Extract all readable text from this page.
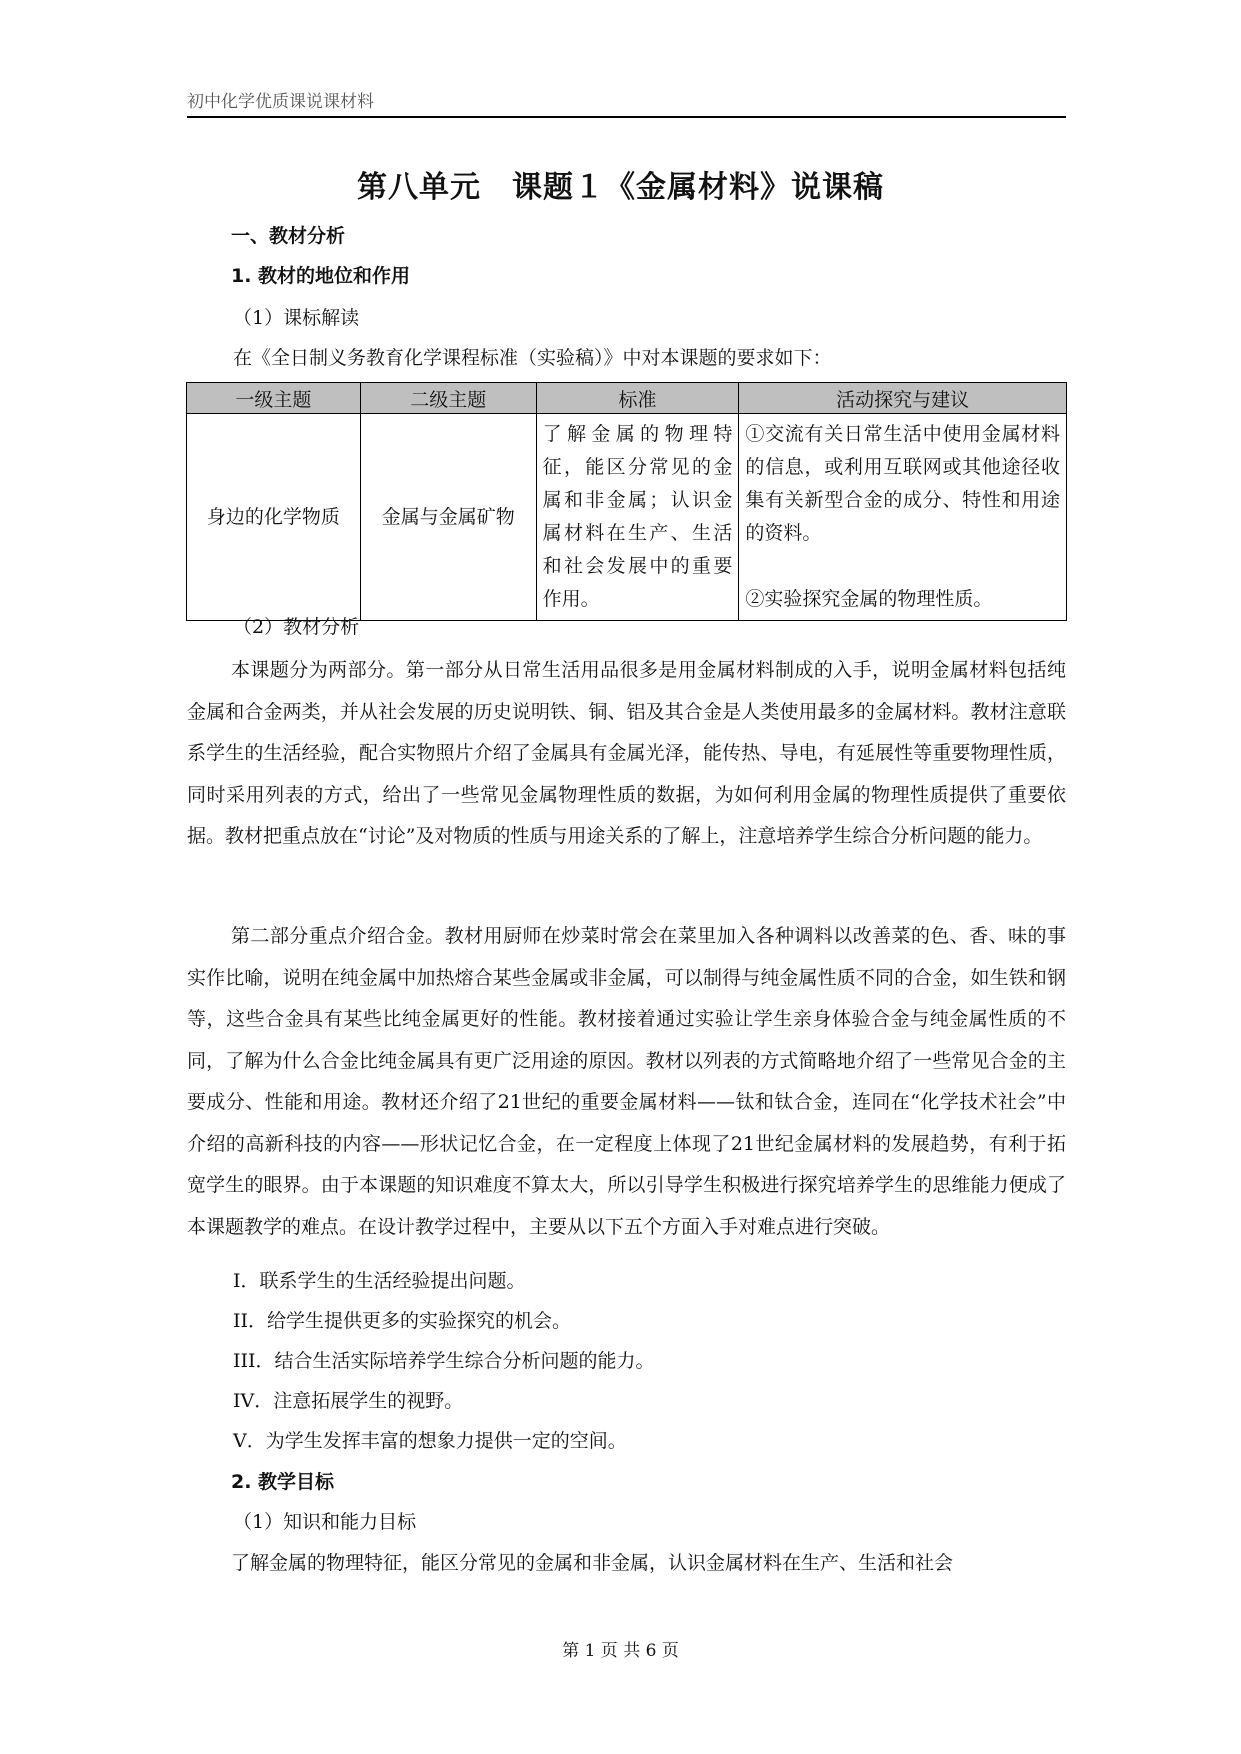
初中化学优质课说课材料
第八单元　课题１《金属材料》说课稿
一、教材分析
1. 教材的地位和作用
（1）课标解读
在《全日制义务教育化学课程标准（实验稿）》中对本课题的要求如下：
一级主题	二级主题	标准	活动探究与建议
身边的化学物质	金属与金属矿物	了解金属的物理特征，能区分常见的金属和非金属；认识金属材料在生产、生活和社会发展中的重要作用。	①交流有关日常生活中使用金属材料的信息，或利用互联网或其他途径收集有关新型合金的成分、特性和用途的资料。
②实验探究金属的物理性质。
（2）教材分析
本课题分为两部分。第一部分从日常生活用品很多是用金属材料制成的入手，说明金属材料包括纯金属和合金两类，并从社会发展的历史说明铁、铜、铝及其合金是人类使用最多的金属材料。教材注意联系学生的生活经验，配合实物照片介绍了金属具有金属光泽，能传热、导电，有延展性等重要物理性质，同时采用列表的方式，给出了一些常见金属物理性质的数据，为如何利用金属的物理性质提供了重要依据。教材把重点放在“讨论”及对物质的性质与用途关系的了解上，注意培养学生综合分析问题的能力。
第二部分重点介绍合金。教材用厨师在炒菜时常会在菜里加入各种调料以改善菜的色、香、味的事实作比喻，说明在纯金属中加热熔合某些金属或非金属，可以制得与纯金属性质不同的合金，如生铁和钢等，这些合金具有某些比纯金属更好的性能。教材接着通过实验让学生亲身体验合金与纯金属性质的不同，了解为什么合金比纯金属具有更广泛用途的原因。教材以列表的方式简略地介绍了一些常见合金的主要成分、性能和用途。教材还介绍了21世纪的重要金属材料——钛和钛合金，连同在“化学技术社会”中介绍的高新科技的内容——形状记忆合金，在一定程度上体现了21世纪金属材料的发展趋势，有利于拓宽学生的眼界。由于本课题的知识难度不算太大，所以引导学生积极进行探究培养学生的思维能力便成了本课题教学的难点。在设计教学过程中，主要从以下五个方面入手对难点进行突破。
I．联系学生的生活经验提出问题。
II．给学生提供更多的实验探究的机会。
III．结合生活实际培养学生综合分析问题的能力。
IV．注意拓展学生的视野。
V．为学生发挥丰富的想象力提供一定的空间。
2. 教学目标
（1）知识和能力目标
了解金属的物理特征，能区分常见的金属和非金属，认识金属材料在生产、生活和社会
第 1 页 共 6 页
